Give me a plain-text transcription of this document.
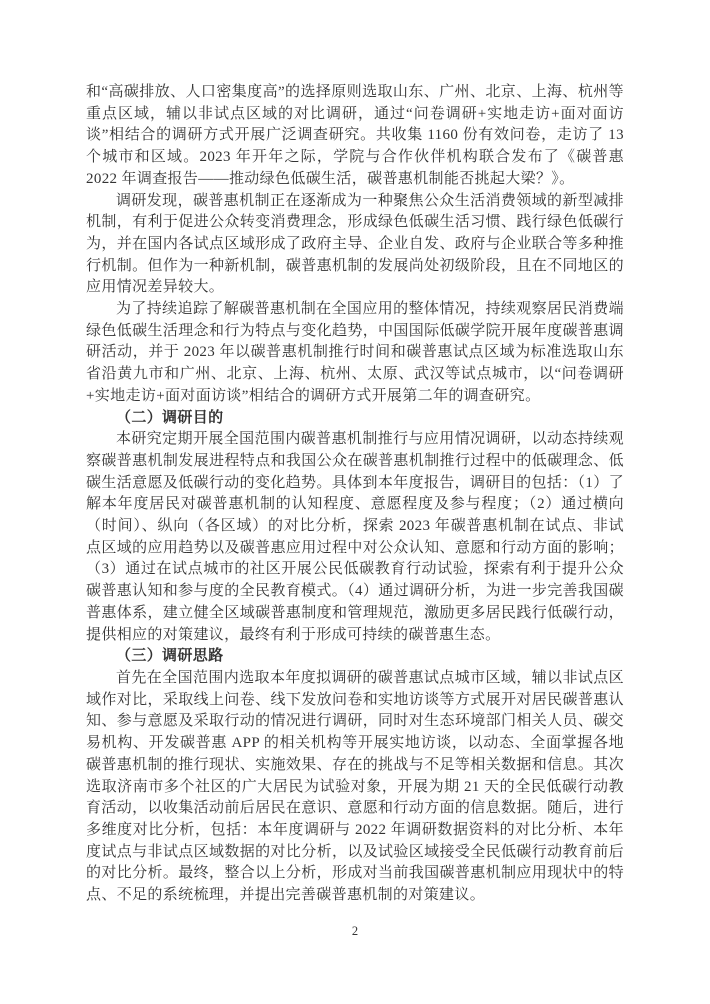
和“高碳排放、人口密集度高”的选择原则选取山东、广州、北京、上海、杭州等重点区域，辅以非试点区域的对比调研，通过“问卷调研+实地走访+面对面访谈”相结合的调研方式开展广泛调查研究。共收集 1160 份有效问卷，走访了 13 个城市和区域。2023 年开年之际，学院与合作伙伴机构联合发布了《碳普惠 2022 年调查报告——推动绿色低碳生活，碳普惠机制能否挑起大梁？》。

调研发现，碳普惠机制正在逐渐成为一种聚焦公众生活消费领域的新型减排机制，有利于促进公众转变消费理念，形成绿色低碳生活习惯、践行绿色低碳行为，并在国内各试点区域形成了政府主导、企业自发、政府与企业联合等多种推行机制。但作为一种新机制，碳普惠机制的发展尚处初级阶段，且在不同地区的应用情况差异较大。

为了持续追踪了解碳普惠机制在全国应用的整体情况，持续观察居民消费端绿色低碳生活理念和行为特点与变化趋势，中国国际低碳学院开展年度碳普惠调研活动，并于 2023 年以碳普惠机制推行时间和碳普惠试点区域为标准选取山东省沿黄九市和广州、北京、上海、杭州、太原、武汉等试点城市，以“问卷调研+实地走访+面对面访谈”相结合的调研方式开展第二年的调查研究。

（二）调研目的

本研究定期开展全国范围内碳普惠机制推行与应用情况调研，以动态持续观察碳普惠机制发展进程特点和我国公众在碳普惠机制推行过程中的低碳理念、低碳生活意愿及低碳行动的变化趋势。具体到本年度报告，调研目的包括：（1）了解本年度居民对碳普惠机制的认知程度、意愿程度及参与程度；（2）通过横向（时间）、纵向（各区域）的对比分析，探索 2023 年碳普惠机制在试点、非试点区域的应用趋势以及碳普惠应用过程中对公众认知、意愿和行动方面的影响；（3）通过在试点城市的社区开展公民低碳教育行动试验，探索有利于提升公众碳普惠认知和参与度的全民教育模式。（4）通过调研分析，为进一步完善我国碳普惠体系，建立健全区域碳普惠制度和管理规范，激励更多居民践行低碳行动，提供相应的对策建议，最终有利于形成可持续的碳普惠生态。

（三）调研思路

首先在全国范围内选取本年度拟调研的碳普惠试点城市区域，辅以非试点区域作对比，采取线上问卷、线下发放问卷和实地访谈等方式展开对居民碳普惠认知、参与意愿及采取行动的情况进行调研，同时对生态环境部门相关人员、碳交易机构、开发碳普惠 APP 的相关机构等开展实地访谈，以动态、全面掌握各地碳普惠机制的推行现状、实施效果、存在的挑战与不足等相关数据和信息。其次选取济南市多个社区的广大居民为试验对象，开展为期 21 天的全民低碳行动教育活动，以收集活动前后居民在意识、意愿和行动方面的信息数据。随后，进行多维度对比分析，包括：本年度调研与 2022 年调研数据资料的对比分析、本年度试点与非试点区域数据的对比分析，以及试验区域接受全民低碳行动教育前后的对比分析。最终，整合以上分析，形成对当前我国碳普惠机制应用现状中的特点、不足的系统梳理，并提出完善碳普惠机制的对策建议。

2
